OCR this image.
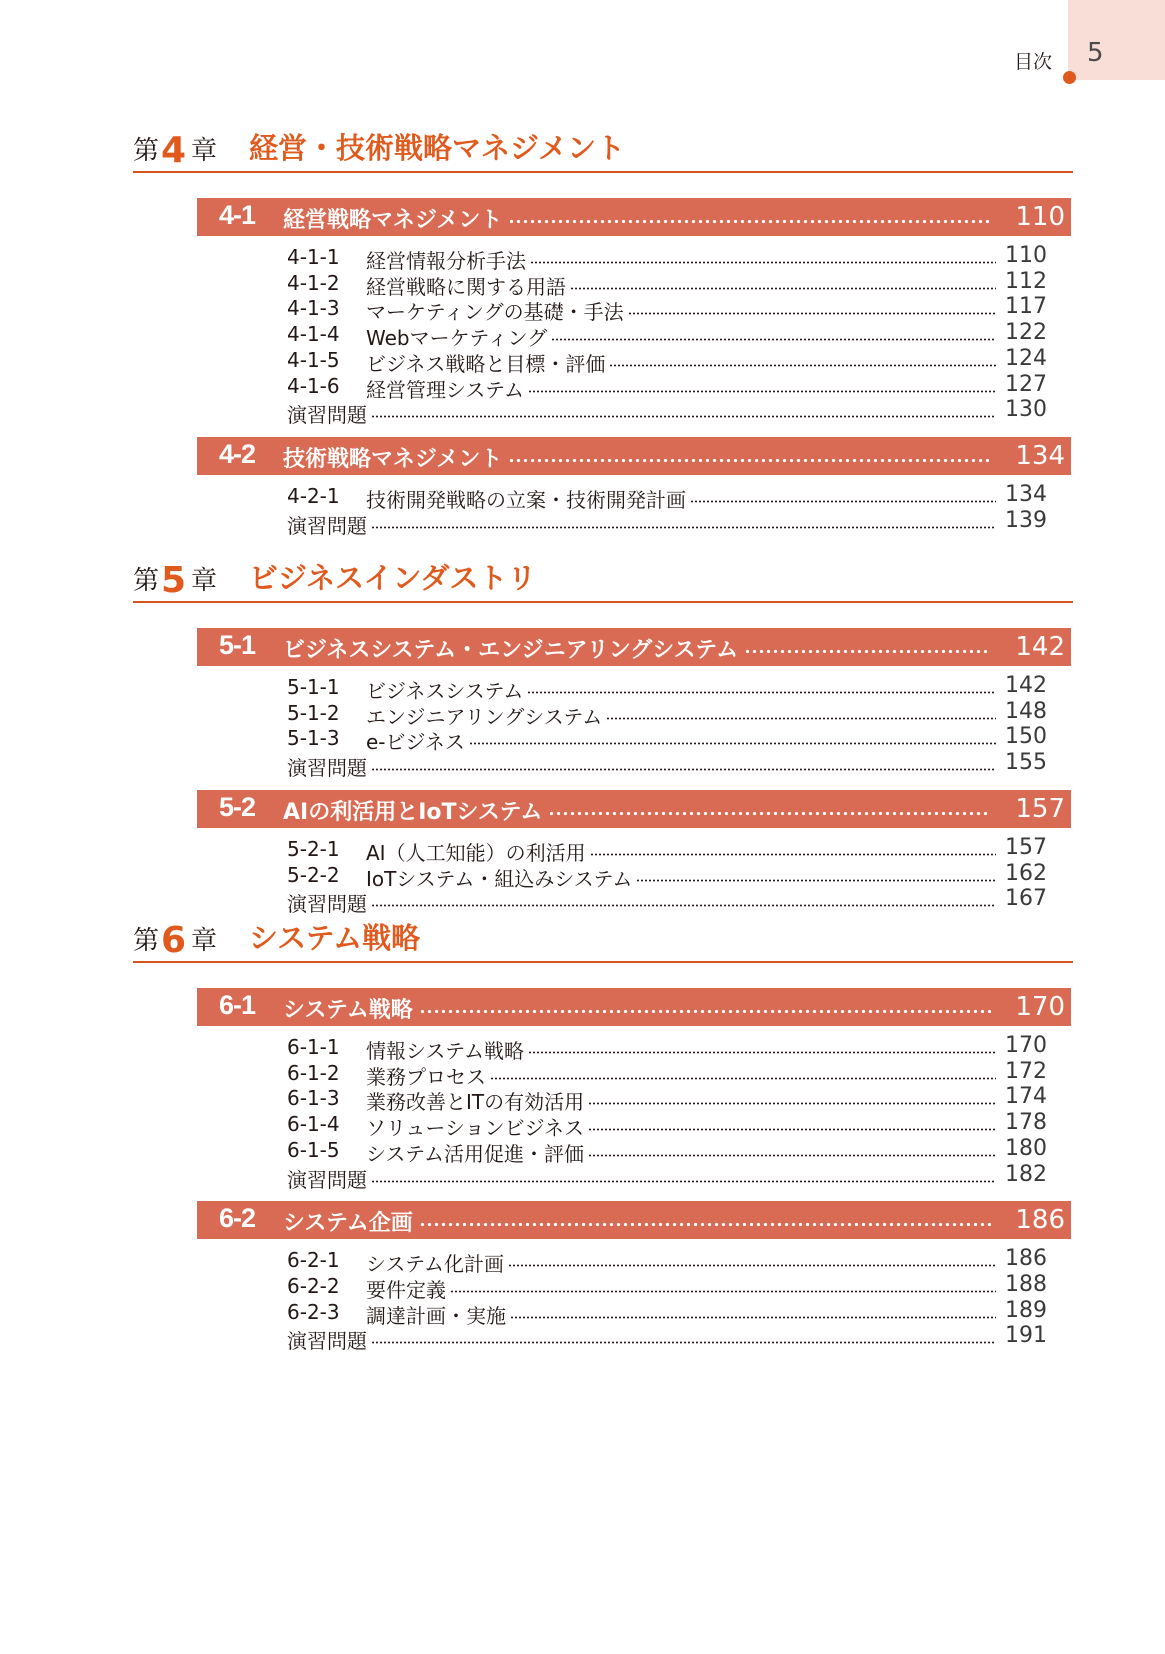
目次 5
第 4 章 経営・技術戦略マネジメント
4-1 経営戦略マネジメント	110
4-1-1 経営情報分析手法	110
4-1-2 経営戦略に関する用語	112
4-1-3 マーケティングの基礎・手法	117
4-1-4 Webマーケティング	122
4-1-5 ビジネス戦略と目標・評価	124
4-1-6 経営管理システム	127
演習問題	130
4-2 技術戦略マネジメント	134
4-2-1 技術開発戦略の立案・技術開発計画	134
演習問題	139
第 5 章 ビジネスインダストリ
5-1 ビジネスシステム・エンジニアリングシステム	142
5-1-1 ビジネスシステム	142
5-1-2 エンジニアリングシステム	148
5-1-3 e-ビジネス	150
演習問題	155
5-2 AIの利活用とIoTシステム	157
5-2-1 AI（人工知能）の利活用	157
5-2-2 IoTシステム・組込みシステム	162
演習問題	167
第 6 章 システム戦略
6-1 システム戦略	170
6-1-1 情報システム戦略	170
6-1-2 業務プロセス	172
6-1-3 業務改善とITの有効活用	174
6-1-4 ソリューションビジネス	178
6-1-5 システム活用促進・評価	180
演習問題	182
6-2 システム企画	186
6-2-1 システム化計画	186
6-2-2 要件定義	188
6-2-3 調達計画・実施	189
演習問題	191
